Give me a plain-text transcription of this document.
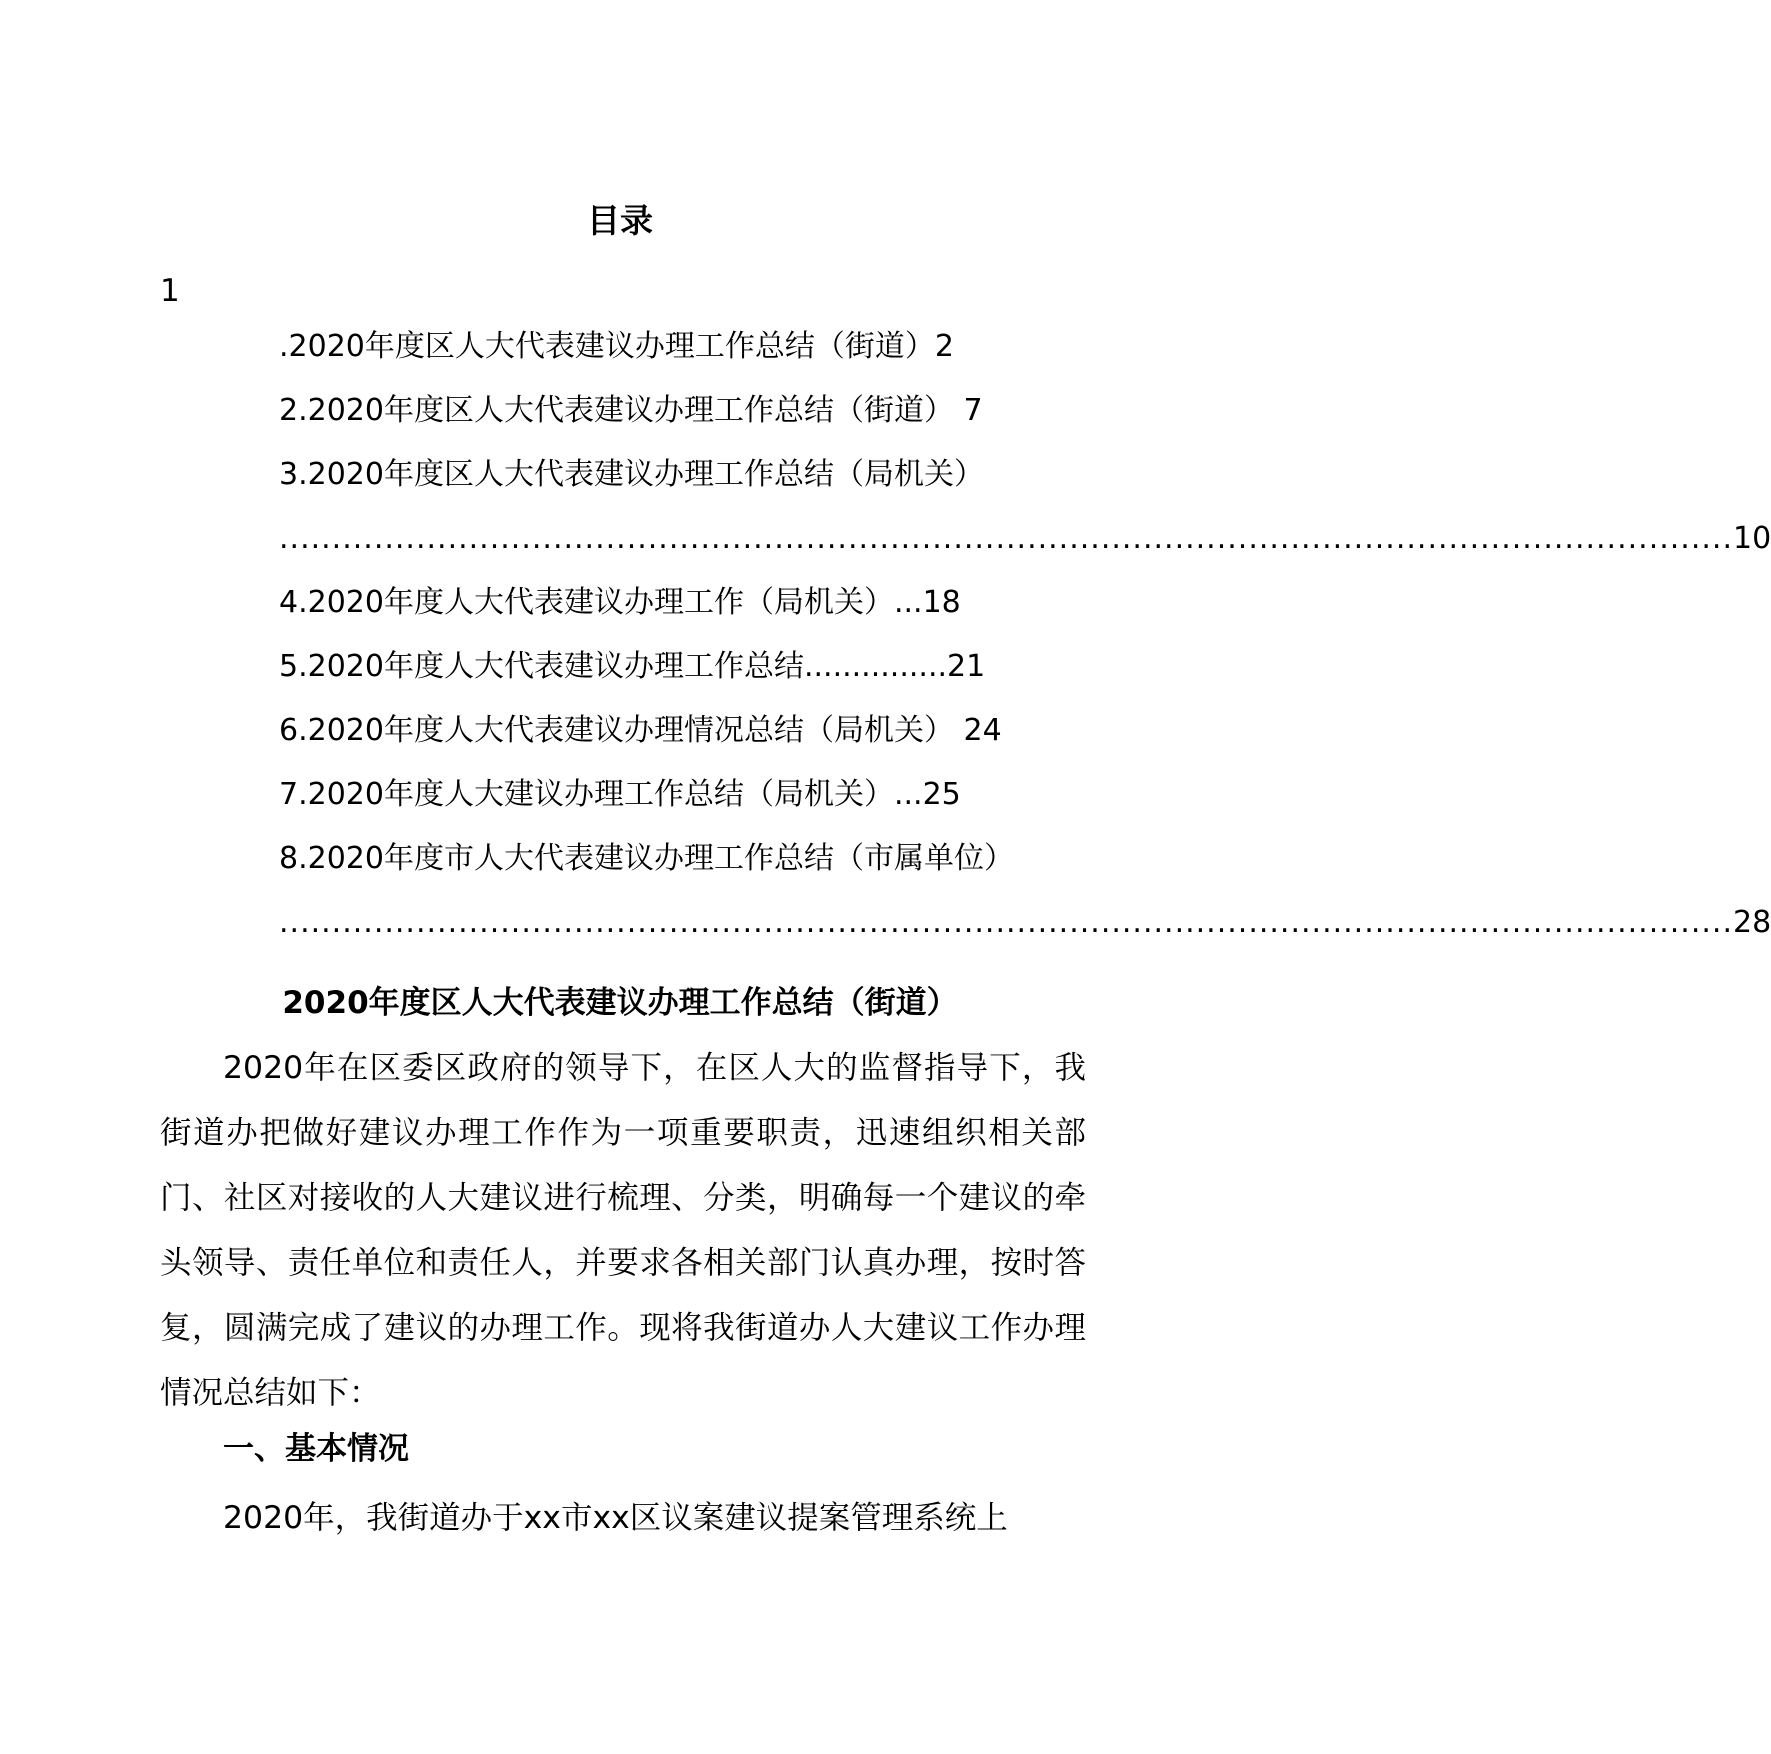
目录
1
.2020年度区人大代表建议办理工作总结（街道）2
2.2020年度区人大代表建议办理工作总结（街道） 7
3.2020年度区人大代表建议办理工作总结（局机关）
.......................................................................................................................................... 10
4.2020年度人大代表建议办理工作（局机关）...18
5.2020年度人大代表建议办理工作总结...............21
6.2020年度人大代表建议办理情况总结（局机关） 24
7.2020年度人大建议办理工作总结（局机关）...25
8.2020年度市人大代表建议办理工作总结（市属单位）
.......................................................................................................................................... 28
2020年度区人大代表建议办理工作总结（街道）

2020年在区委区政府的领导下，在区人大的监督指导下，我街道办把做好建议办理工作作为一项重要职责，迅速组织相关部门、社区对接收的人大建议进行梳理、分类，明确每一个建议的牵头领导、责任单位和责任人，并要求各相关部门认真办理，按时答复，圆满完成了建议的办理工作。现将我街道办人大建议工作办理情况总结如下：

一、基本情况

2020年，我街道办于xx市xx区议案建议提案管理系统上
